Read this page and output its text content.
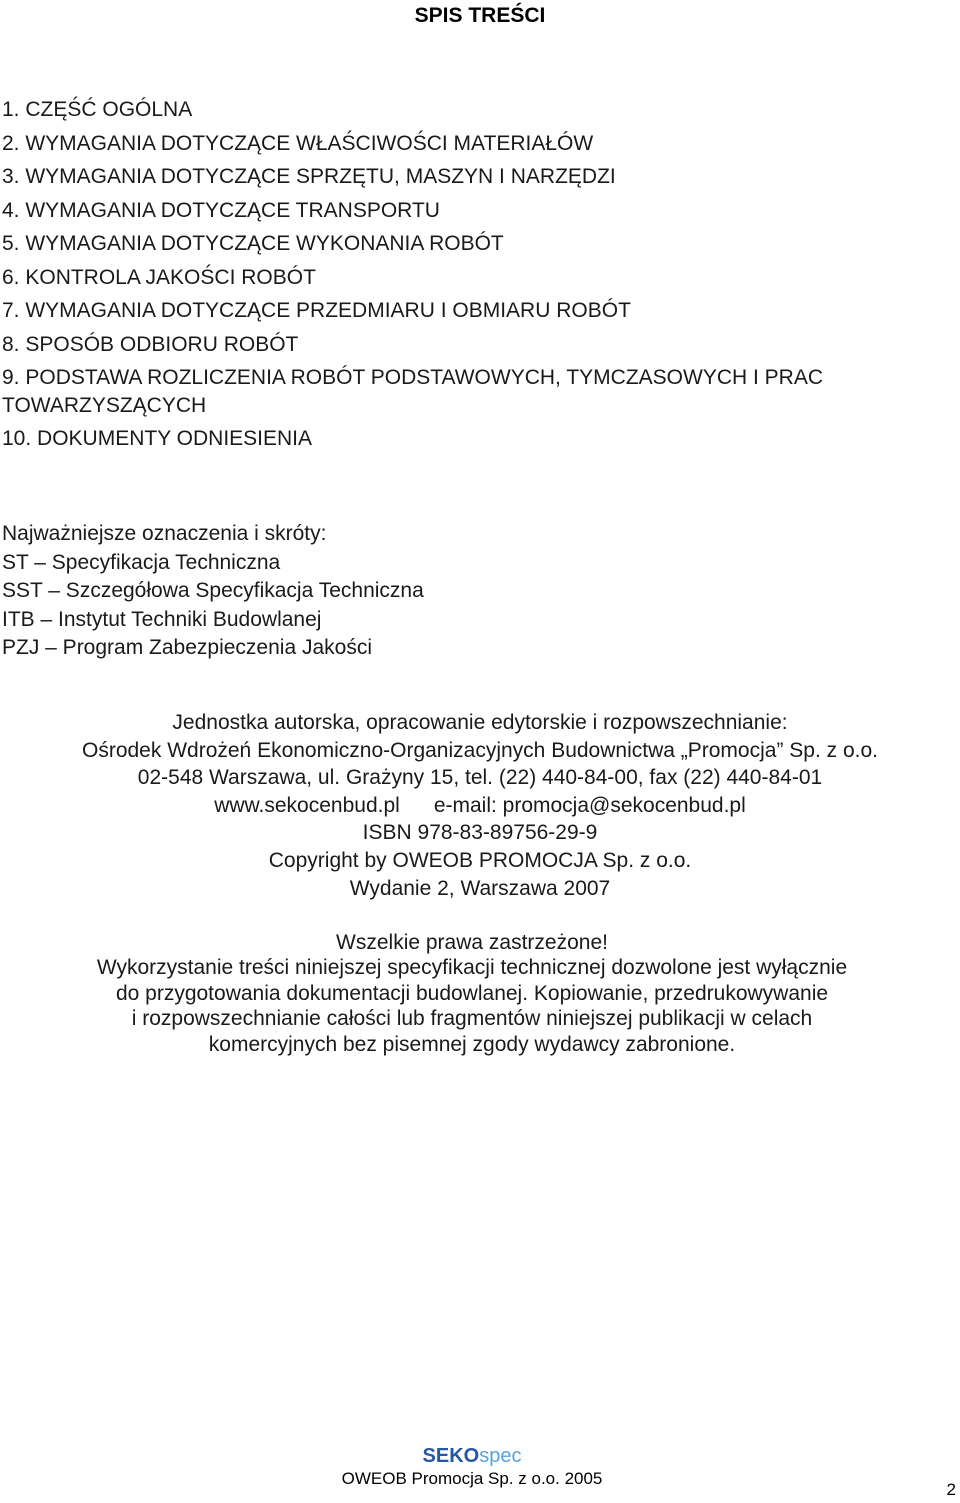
SPIS TREŚCI
1. CZĘŚĆ OGÓLNA
2. WYMAGANIA DOTYCZĄCE WŁAŚCIWOŚCI MATERIAŁÓW
3. WYMAGANIA DOTYCZĄCE SPRZĘTU, MASZYN I NARZĘDZI
4. WYMAGANIA DOTYCZĄCE TRANSPORTU
5. WYMAGANIA DOTYCZĄCE WYKONANIA ROBÓT
6. KONTROLA JAKOŚCI ROBÓT
7. WYMAGANIA DOTYCZĄCE PRZEDMIARU I OBMIARU ROBÓT
8. SPOSÓB ODBIORU ROBÓT
9. PODSTAWA ROZLICZENIA ROBÓT PODSTAWOWYCH, TYMCZASOWYCH I PRAC TOWARZYSZĄCYCH
10. DOKUMENTY ODNIESIENIA
Najważniejsze oznaczenia i skróty:
ST – Specyfikacja Techniczna
SST – Szczegółowa Specyfikacja Techniczna
ITB – Instytut Techniki Budowlanej
PZJ – Program Zabezpieczenia Jakości
Jednostka autorska, opracowanie edytorskie i rozpowszechnianie:
Ośrodek Wdrożeń Ekonomiczno-Organizacyjnych Budownictwa „Promocja” Sp. z o.o.
02-548 Warszawa, ul. Grażyny 15, tel. (22) 440-84-00, fax (22) 440-84-01
www.sekocenbud.pl e-mail: promocja@sekocenbud.pl
ISBN 978-83-89756-29-9
Copyright by OWEOB PROMOCJA Sp. z o.o.
Wydanie 2, Warszawa 2007
Wszelkie prawa zastrzeżone!
Wykorzystanie treści niniejszej specyfikacji technicznej dozwolone jest wyłącznie
do przygotowania dokumentacji budowlanej. Kopiowanie, przedrukowywanie
i rozpowszechnianie całości lub fragmentów niniejszej publikacji w celach
komercyjnych bez pisemnej zgody wydawcy zabronione.
SEKOspec
OWEOB Promocja Sp. z o.o. 2005
2
